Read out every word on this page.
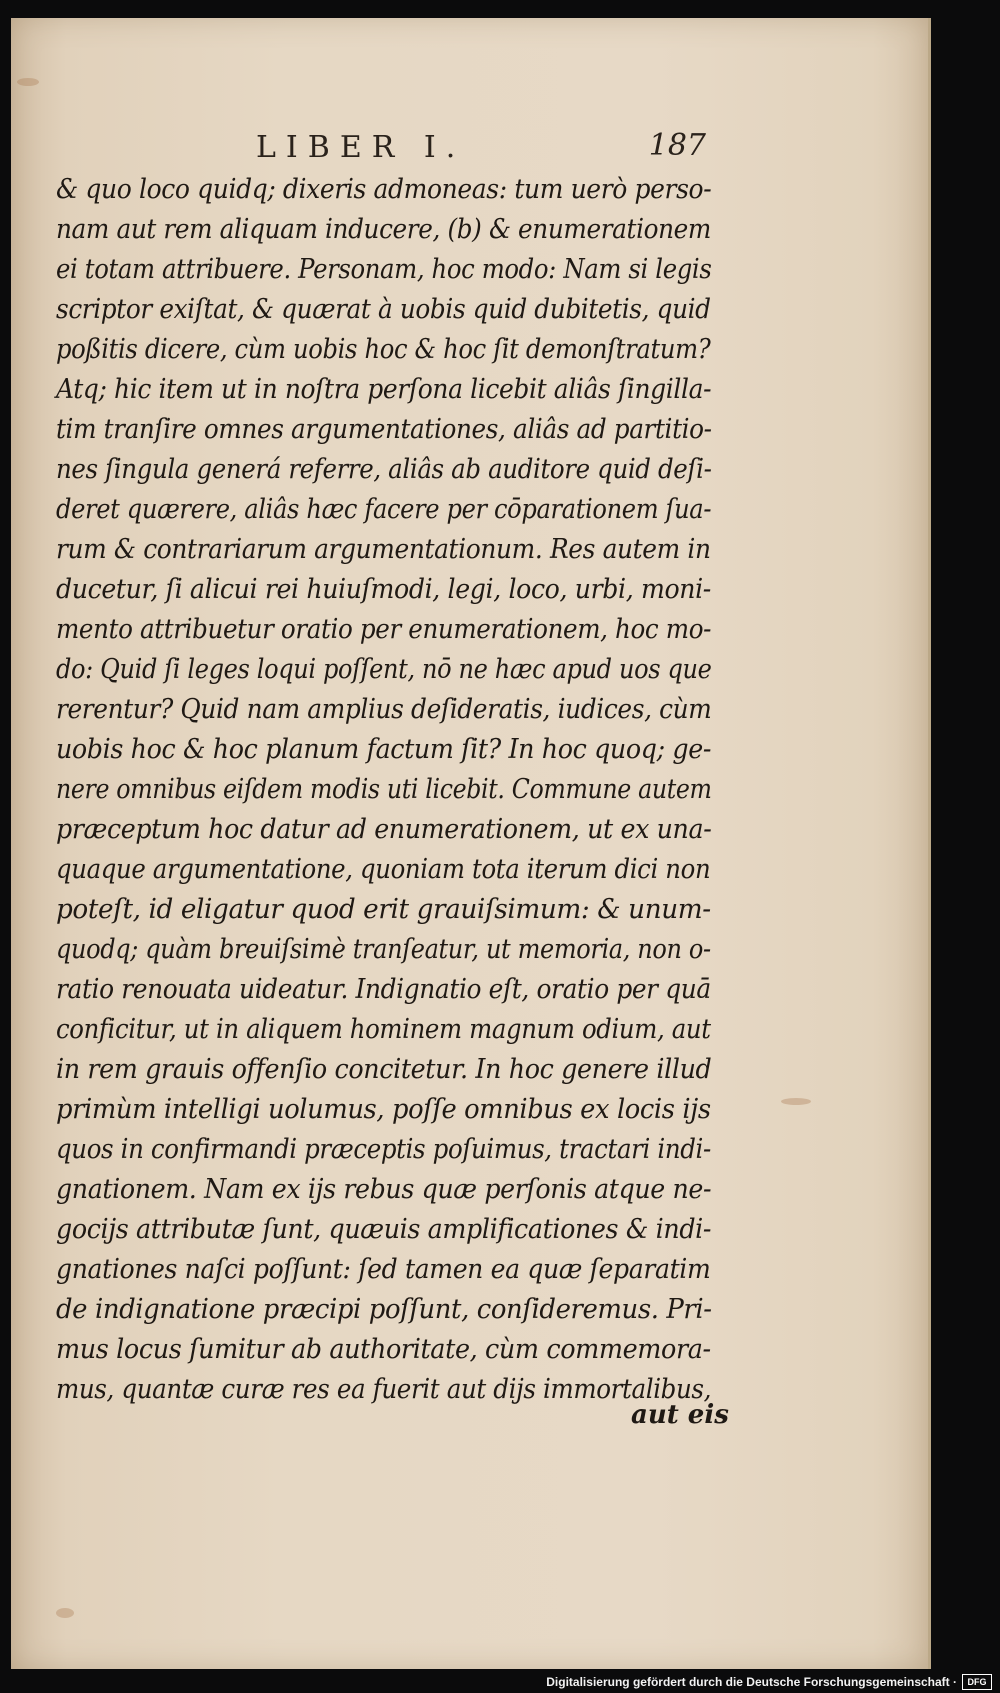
LIBER I.	187
& quo loco quidq; dixeris admoneas: tum uerò perso-
nam aut rem aliquam inducere, (b) & enumerationem
ei totam attribuere. Personam, hoc modo: Nam si legis
scriptor exiſtat, & quærat à uobis quid dubitetis, quid
poßitis dicere, cùm uobis hoc & hoc ſit demonſtratum?
Atq; hic item ut in noſtra perſona licebit aliâs ſingilla-
tim tranſire omnes argumentationes, aliâs ad partitio-
nes ſingula generá referre, aliâs ab auditore quid deſi-
deret quærere, aliâs hæc facere per cōparationem ſua-
rum & contrariarum argumentationum. Res autem in
ducetur, ſi alicui rei huiuſmodi, legi, loco, urbi, moni-
mento attribuetur oratio per enumerationem, hoc mo-
do: Quid ſi leges loqui poſſent, nō ne hæc apud uos que
rerentur? Quid nam amplius deſideratis, iudices, cùm
uobis hoc & hoc planum factum ſit? In hoc quoq; ge-
nere omnibus eiſdem modis uti licebit. Commune autem
præceptum hoc datur ad enumerationem, ut ex una-
quaque argumentatione, quoniam tota iterum dici non
poteſt, id eligatur quod erit grauiſsimum: & unum-
quodq; quàm breuiſsimè tranſeatur, ut memoria, non o-
ratio renouata uideatur. Indignatio eſt, oratio per quā
conficitur, ut in aliquem hominem magnum odium, aut
in rem grauis offenſio concitetur. In hoc genere illud
primùm intelligi uolumus, poſſe omnibus ex locis ijs
quos in confirmandi præceptis poſuimus, tractari indi-
gnationem. Nam ex ijs rebus quæ perſonis atque ne-
gocijs attributæ ſunt, quæuis amplificationes & indi-
gnationes naſci poſſunt: ſed tamen ea quæ ſeparatim
de indignatione præcipi poſſunt, conſideremus. Pri-
mus locus ſumitur ab authoritate, cùm commemora-
mus, quantæ curæ res ea fuerit aut dijs immortalibus,
aut eis
Digitalisierung gefördert durch die Deutsche Forschungsgemeinschaft ·	DFG
